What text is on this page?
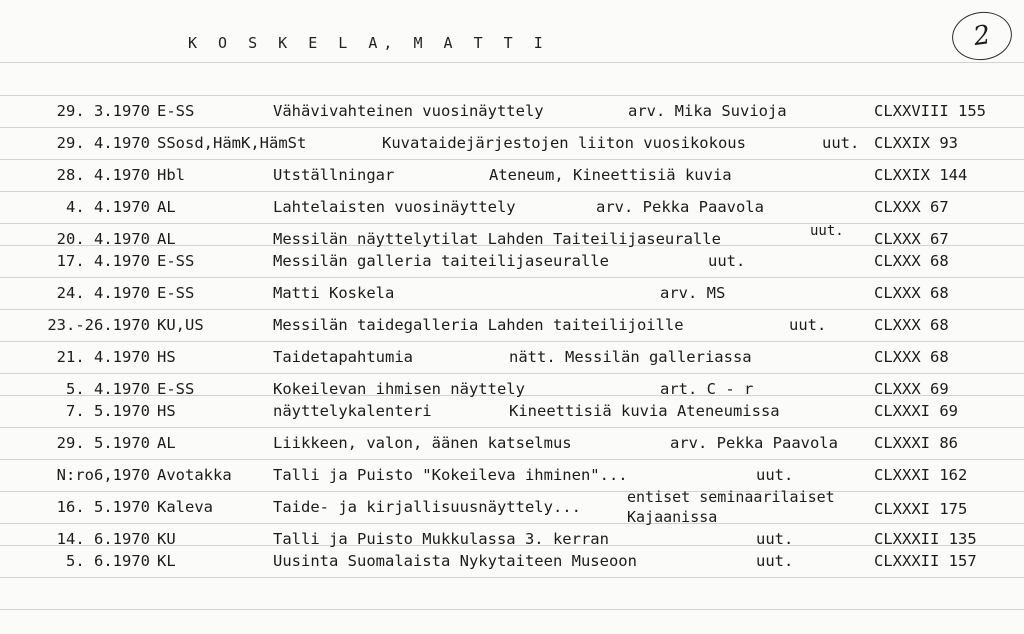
K O S K E L A, M A T T I	2
29. 3.1970 E-SS	Vähävivahteinen vuosinäyttely	arv. Mika Suvioja	CLXXVIII 155
29. 4.1970 SSosd,HämK,HämSt	Kuvataidejärjestojen liiton vuosikokous	uut. CLXXIX 93
28. 4.1970 Hbl	Utställningar	Ateneum, Kineettisiä kuvia	CLXXIX 144
4. 4.1970 AL	Lahtelaisten vuosinäyttely	arv. Pekka Paavola	CLXXX 67
20. 4.1970 AL	Messilän näyttelytilat Lahden Taiteilijaseuralle	uut. CLXXX 67
17. 4.1970 E-SS	Messilän galleria taiteilijaseuralle	uut.	CLXXX 68
24. 4.1970 E-SS	Matti Koskela	arv. MS	CLXXX 68
23.-26.1970 KU,US	Messilän taidegalleria Lahden taiteilijoille	uut.	CLXXX 68
21. 4.1970 HS	Taidetapahtumia	nätt. Messilän galleriassa	CLXXX 68
5. 4.1970 E-SS	Kokeilevan ihmisen näyttely	art. C - r	CLXXX 69
7. 5.1970 HS	näyttelykalenteri	Kineettisiä kuvia Ateneumissa	CLXXXI 69
29. 5.1970 AL	Liikkeen, valon, äänen katselmus	arv. Pekka Paavola CLXXXI 86
N:ro6,1970 Avotakka	Talli ja Puisto "Kokeileva ihminen"...	uut.	CLXXXI 162
16. 5.1970 Kaleva	Taide- ja kirjallisuusnäyttely...
entiset seminaarilaiset
Kajaanissa	CLXXXI 175
14. 6.1970 KU	Talli ja Puisto Mukkulassa 3. kerran	uut.	CLXXXII 135
5. 6.1970 KL	Uusinta Suomalaista Nykytaiteen Museoon	uut.	CLXXXII 157
